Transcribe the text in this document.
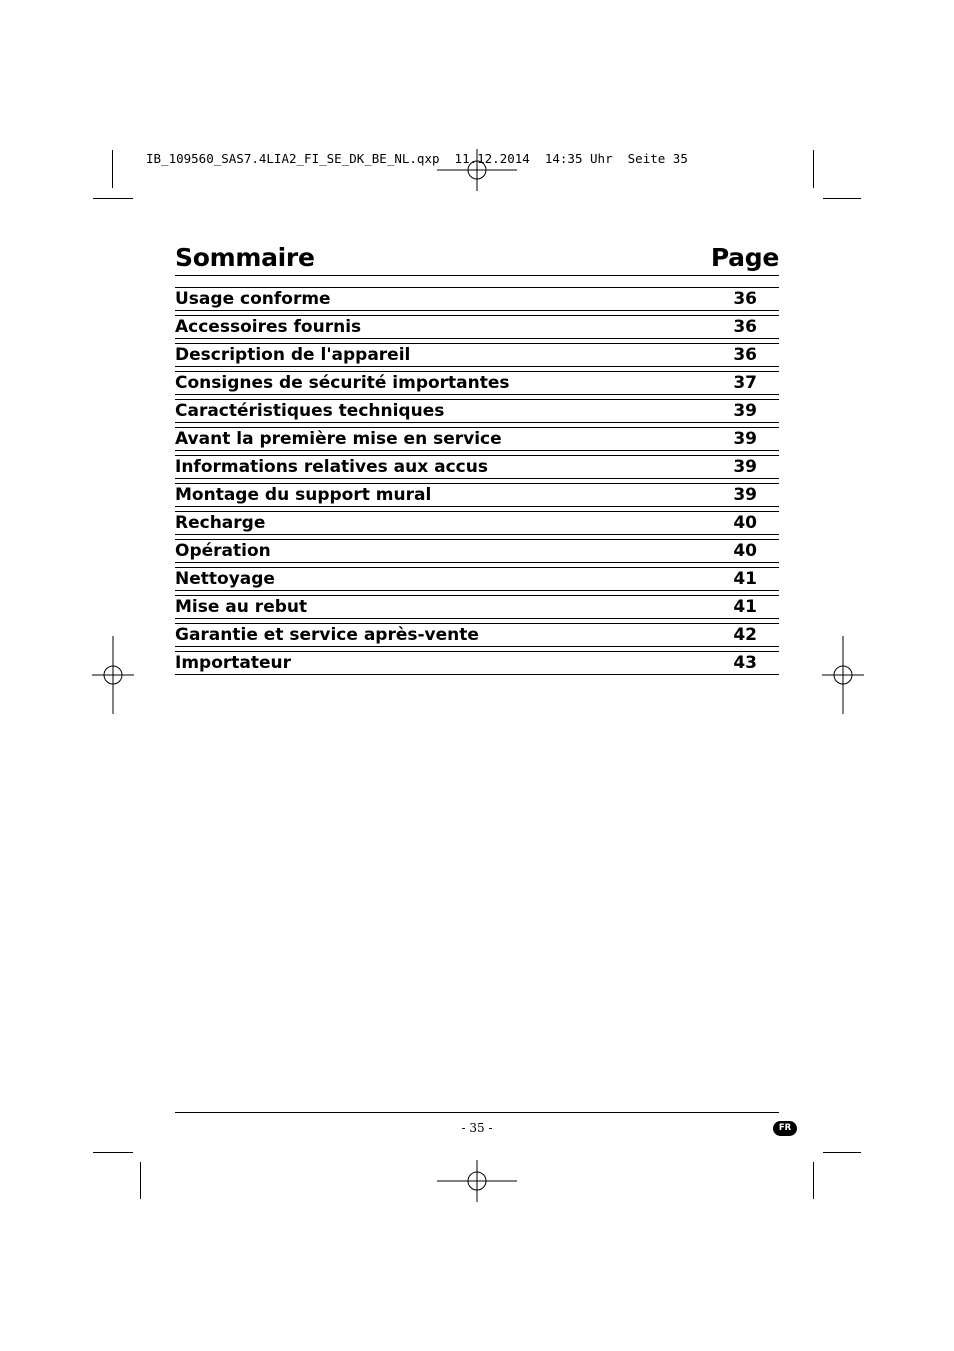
IB_109560_SAS7.4LIA2_FI_SE_DK_BE_NL.qxp  11.12.2014  14:35 Uhr  Seite 35
Sommaire	Page
Usage conforme	36
Accessoires fournis	36
Description de l'appareil	36
Consignes de sécurité importantes	37
Caractéristiques techniques	39
Avant la première mise en service	39
Informations relatives aux accus	39
Montage du support mural	39
Recharge	40
Opération	40
Nettoyage	41
Mise au rebut	41
Garantie et service après-vente	42
Importateur	43
- 35 -	FR
